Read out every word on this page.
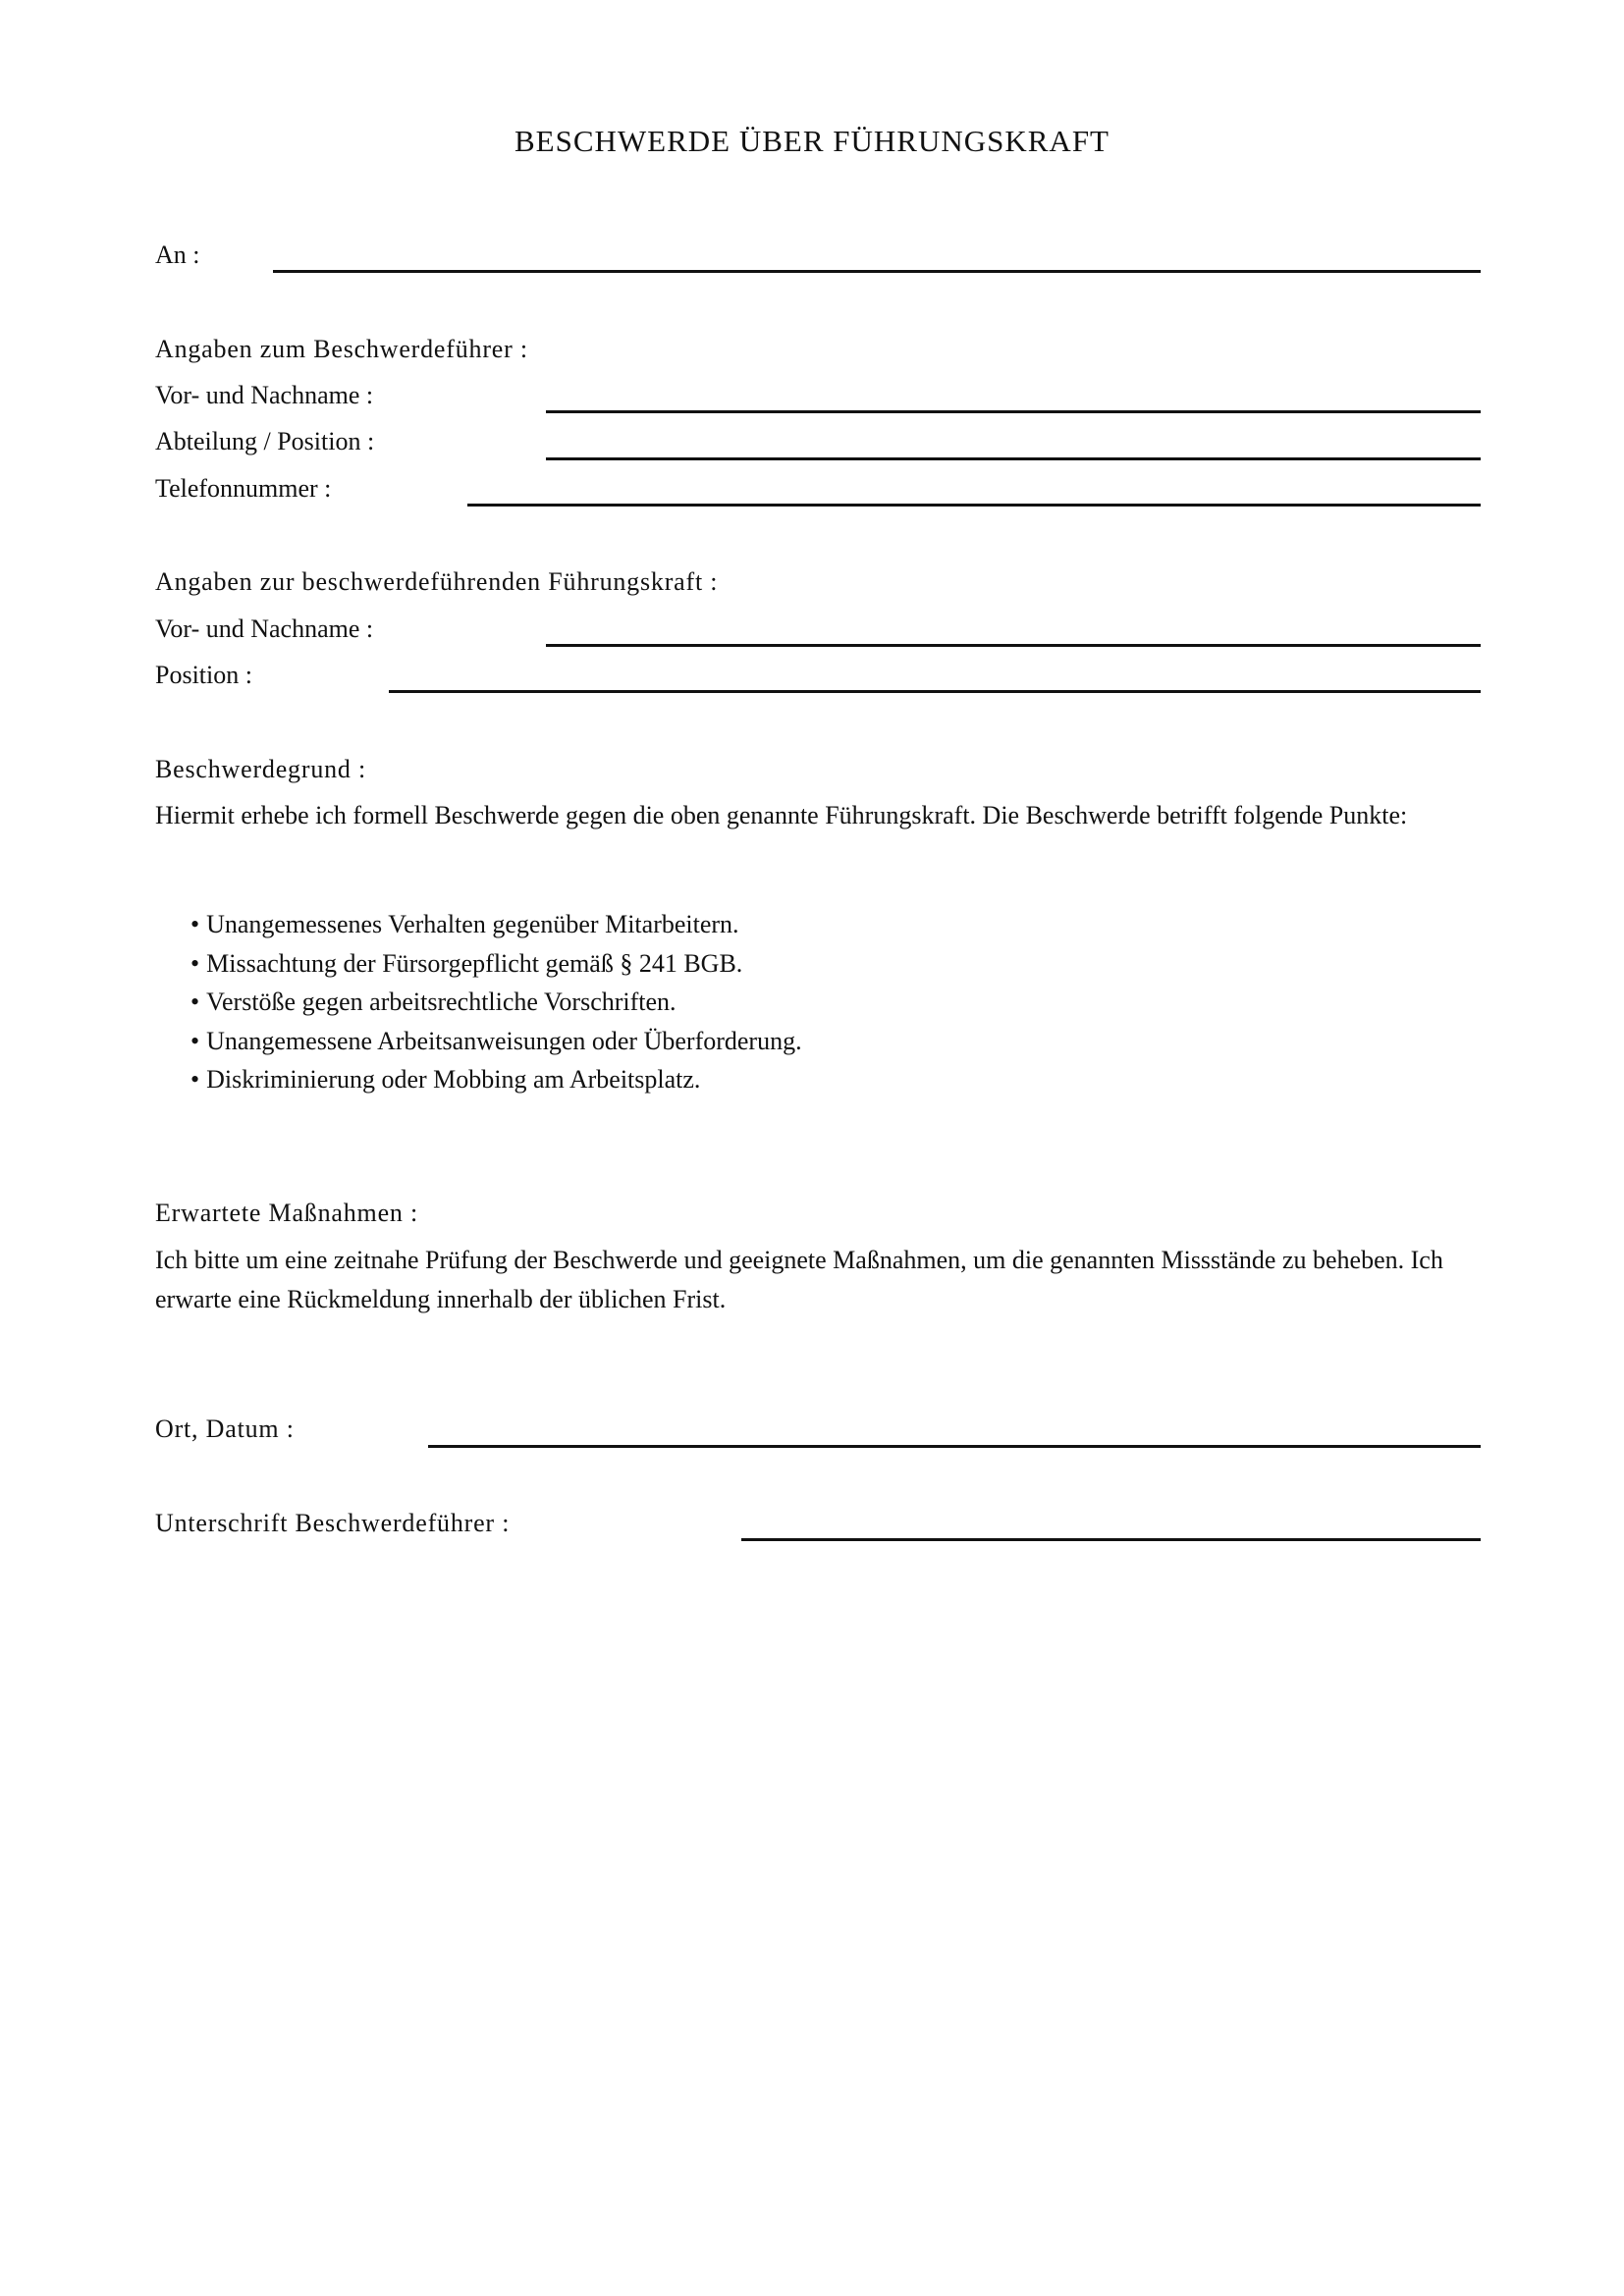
BESCHWERDE ÜBER FÜHRUNGSKRAFT
An :
Angaben zum Beschwerdeführer :
Vor- und Nachname :
Abteilung / Position :
Telefonnummer :
Angaben zur beschwerdeführenden Führungskraft :
Vor- und Nachname :
Position :
Beschwerdegrund :
Hiermit erhebe ich formell Beschwerde gegen die oben genannte Führungskraft. Die Beschwerde betrifft folgende Punkte:
• Unangemessenes Verhalten gegenüber Mitarbeitern.
• Missachtung der Fürsorgepflicht gemäß § 241 BGB.
• Verstöße gegen arbeitsrechtliche Vorschriften.
• Unangemessene Arbeitsanweisungen oder Überforderung.
• Diskriminierung oder Mobbing am Arbeitsplatz.
Erwartete Maßnahmen :
Ich bitte um eine zeitnahe Prüfung der Beschwerde und geeignete Maßnahmen, um die genannten Missstände zu beheben. Ich erwarte eine Rückmeldung innerhalb der üblichen Frist.
Ort, Datum :
Unterschrift Beschwerdeführer :
